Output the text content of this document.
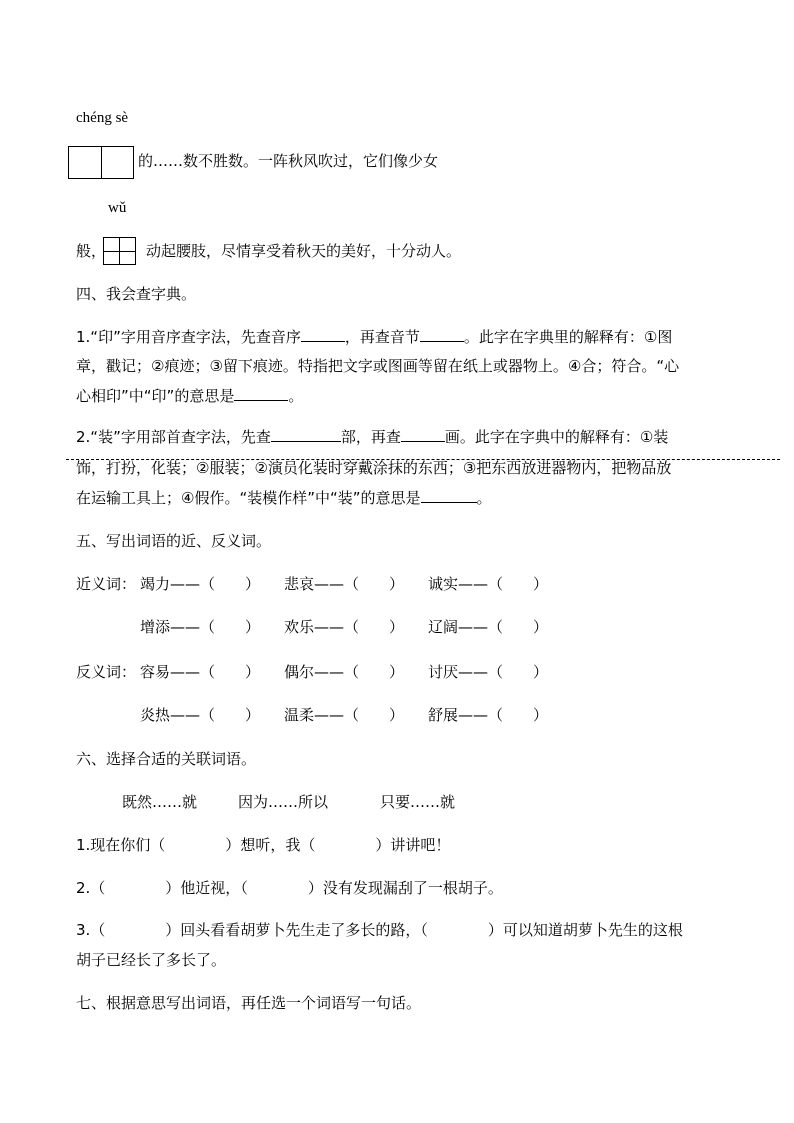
chéng sè
的……数不胜数。一阵秋风吹过，它们像少女
wǔ
般，	动起腰肢，尽情享受着秋天的美好，十分动人。
四、我会查字典。
1.“印”字用音序查字法，先查音序	，再查音节	。此字在字典里的解释有：①图
章，戳记；②痕迹；③留下痕迹。特指把文字或图画等留在纸上或器物上。④合；符合。“心
心相印”中“印”的意思是	。
2.“装”字用部首查字法，先查	部，再查	画。此字在字典中的解释有：①装
饰，打扮，化装；②服装；②演员化装时穿戴涂抹的东西；③把东西放进器物内，把物品放
在运输工具上；④假作。“装模作样”中“装”的意思是	。
五、写出词语的近、反义词。
近义词： 竭力——（　　） 悲哀——（　　） 诚实——（　　）
增添——（　　） 欢乐——（　　） 辽阔——（　　）
反义词： 容易——（　　） 偶尔——（　　） 讨厌——（　　）
炎热——（　　） 温柔——（　　） 舒展——（　　）
六、选择合适的关联词语。
既然……就	因为……所以	只要……就
1.现在你们（　　　　）想听，我（　　　　）讲讲吧！
2.（　　　　）他近视，（　　　　）没有发现漏刮了一根胡子。
3.（　　　　）回头看看胡萝卜先生走了多长的路，（　　　　）可以知道胡萝卜先生的这根
胡子已经长了多长了。
七、根据意思写出词语，再任选一个词语写一句话。
